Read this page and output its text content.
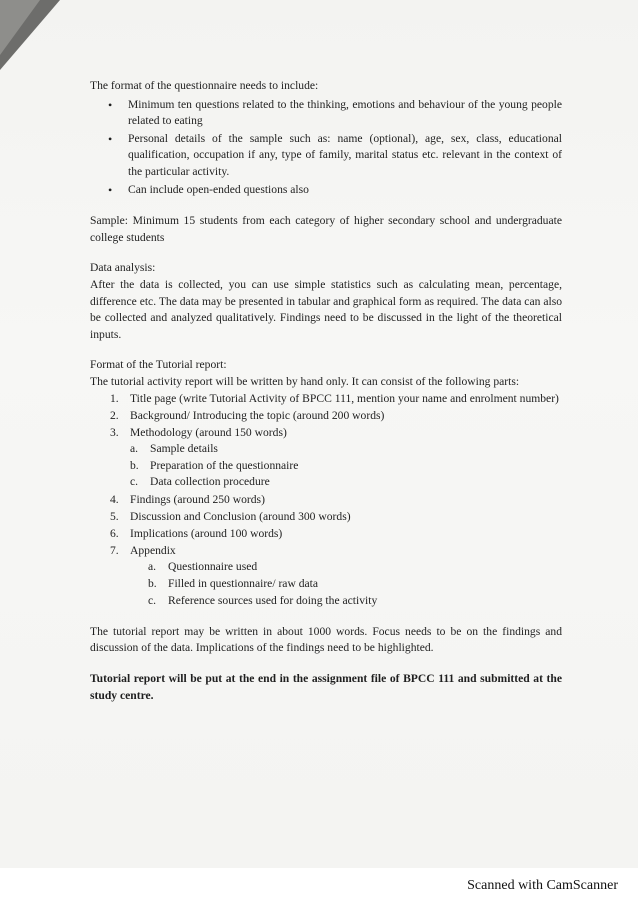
The format of the questionnaire needs to include:

• Minimum ten questions related to the thinking, emotions and behaviour of the young people related to eating
• Personal details of the sample such as: name (optional), age, sex, class, educational qualification, occupation if any, type of family, marital status etc. relevant in the context of the particular activity.
• Can include open-ended questions also

Sample: Minimum 15 students from each category of higher secondary school and undergraduate college students

Data analysis:

After the data is collected, you can use simple statistics such as calculating mean, percentage, difference etc. The data may be presented in tabular and graphical form as required. The data can also be collected and analyzed qualitatively. Findings need to be discussed in the light of the theoretical inputs.

Format of the Tutorial report:

The tutorial activity report will be written by hand only. It can consist of the following parts:

1. Title page (write Tutorial Activity of BPCC 111, mention your name and enrolment number)
2. Background/ Introducing the topic (around 200 words)
3. Methodology (around 150 words)
a. Sample details
b. Preparation of the questionnaire
c. Data collection procedure
4. Findings (around 250 words)
5. Discussion and Conclusion (around 300 words)
6. Implications (around 100 words)
7. Appendix
a. Questionnaire used
b. Filled in questionnaire/ raw data
c. Reference sources used for doing the activity

The tutorial report may be written in about 1000 words. Focus needs to be on the findings and discussion of the data. Implications of the findings need to be highlighted.

Tutorial report will be put at the end in the assignment file of BPCC 111 and submitted at the study centre.

Scanned with CamScanner
